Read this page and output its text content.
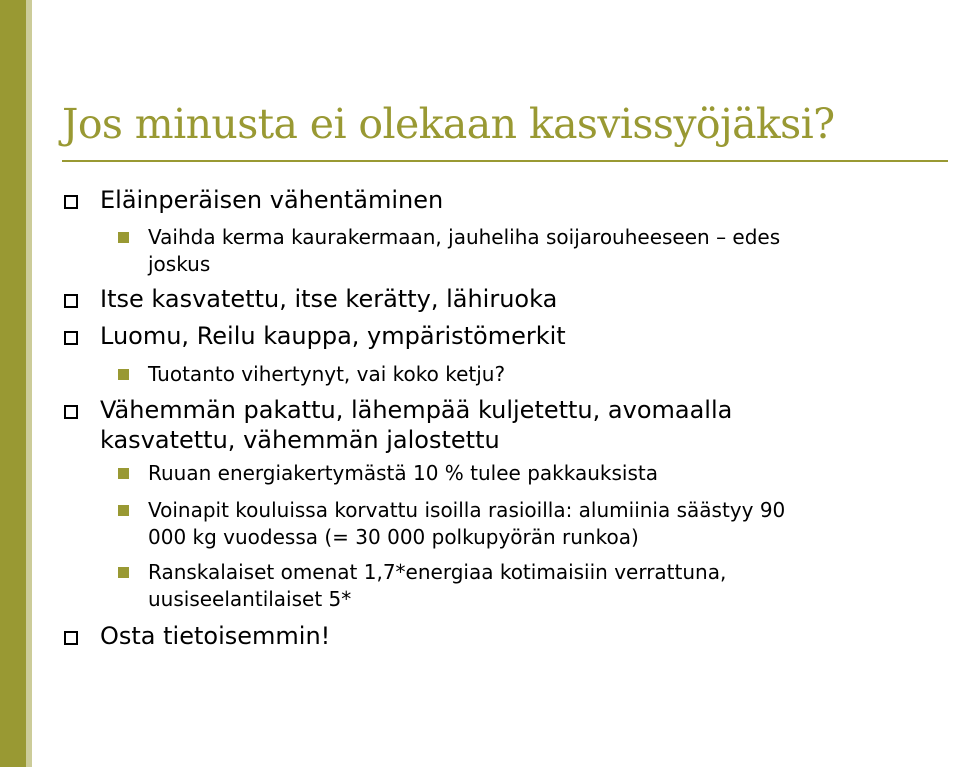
Jos minusta ei olekaan kasvissyöjäksi?
Eläinperäisen vähentäminen
Vaihda kerma kaurakermaan, jauheliha soijarouheeseen – edes
joskus
Itse kasvatettu, itse kerätty, lähiruoka
Luomu, Reilu kauppa, ympäristömerkit
Tuotanto vihertynyt, vai koko ketju?
Vähemmän pakattu, lähempää kuljetettu, avomaalla
kasvatettu, vähemmän jalostettu
Ruuan energiakertymästä 10 % tulee pakkauksista
Voinapit kouluissa korvattu isoilla rasioilla: alumiinia säästyy 90
000 kg vuodessa (= 30 000 polkupyörän runkoa)
Ranskalaiset omenat 1,7*energiaa kotimaisiin verrattuna,
uusiseelantilaiset 5*
Osta tietoisemmin!
